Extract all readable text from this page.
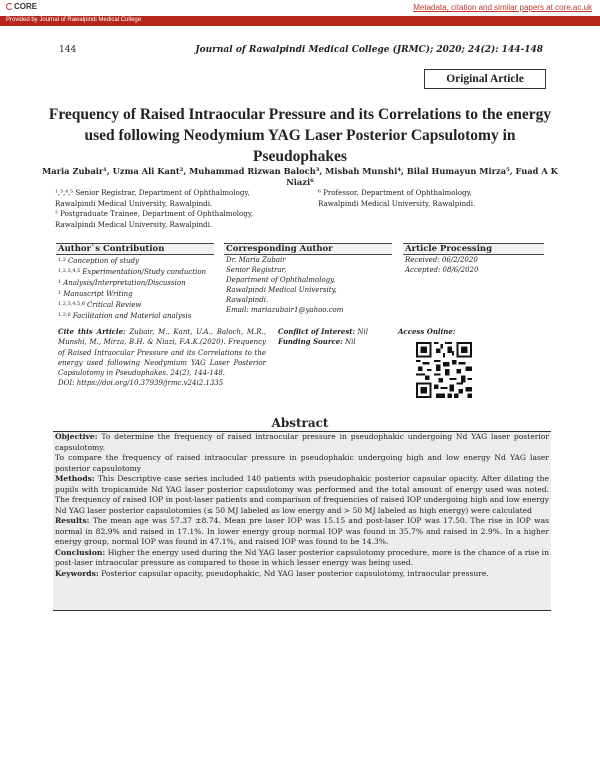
CORE	Metadata, citation and similar papers at core.ac.uk
Provided by Journal of Rawalpindi Medical College
144	Journal of Rawalpindi Medical College (JRMC); 2020; 24(2): 144-148
Original Article
Frequency of Raised Intraocular Pressure and its Correlations to the energy used following Neodymium YAG Laser Posterior Capsulotomy in Pseudophakes
Maria Zubair¹, Uzma Ali Kant², Muhammad Rizwan Baloch³, Misbah Munshi⁴, Bilal Humayun Mirza⁵, Fuad A K Niazi⁶
¹,³,⁴,⁵ Senior Registrar, Department of Ophthalmology,
Rawalpindi Medical University, Rawalpindi.
² Postgraduate Trainee, Department of Ophthalmology,
Rawalpindi Medical University, Rawalpindi.
⁶ Professor, Department of Ophthalmology,
Rawalpindi Medical University, Rawalpindi.
Author`s Contribution	Corresponding Author	Article Processing
$^{1,2}$ Conception of study
$^{1,2,3,4,5}$ Experimentation/Study conduction
$^1$ Analysis/Interpretation/Discussion
$^1$ Manuscript Writing
$^{1,2,3,4,5,6}$ Critical Review
$^{1,2,6}$ Facilitation and Material analysis
Dr. Maria Zubair
Senior Registrar,
Department of Ophthalmology,
Rawalpindi Medical University,
Rawalpindi.
Email: mariazubair1@yahoo.com
Received: 06/2/2020
Accepted: 08/6/2020
Cite this Article: Zubair, M., Kant, U.A., Baloch, M.R., Munshi, M., Mirza, B.H. & Niazi, F.A.K.(2020). Frequency of Raised Intraocular Pressure and its Correlations to the energy used following Neodymium YAG Laser Posterior Capsulotomy in Pseudophakes. 24(2), 144-148.
DOI: https://doi.org/10.37939/jrmc.v24i2.1335
Conflict of Interest: Nil
Funding Source: Nil
Access Online:
Abstract

Objective: To determine the frequency of raised intraocular pressure in pseudophakic undergoing Nd YAG laser posterior capsulotomy.

To compare the frequency of raised intraocular pressure in pseudophakic undergoing high and low energy Nd YAG laser posterior capsulotomy

Methods: This Descriptive case series included 140 patients with pseudophakic posterior capsular opacity. After dilating the pupils with tropicamide Nd YAG laser posterior capsulotomy was performed and the total amount of energy used was noted. The frequency of raised IOP in post-laser patients and comparison of frequencies of raised IOP undergoing high and low energy Nd YAG laser posterior capsulotomies (≤ 50 MJ labeled as low energy and > 50 MJ labeled as high energy) were calculated

Results: The mean age was 57.37 ±8.74. Mean pre laser IOP was 15.15 and post-laser IOP was 17.50. The rise in IOP was normal in 82.9% and raised in 17.1%. In lower energy group normal IOP was found in 35.7% and raised in 2.9%. In a higher energy group, normal IOP was found in 47.1%, and raised IOP was found to be 14.3%.

Conclusion: Higher the energy used during the Nd YAG laser posterior capsulotomy procedure, more is the chance of a rise in post-laser intraocular pressure as compared to those in which lesser energy was being used.

Keywords: Posterior capsular opacity, pseudophakic, Nd YAG laser posterior capsulotomy, intraocular pressure.
